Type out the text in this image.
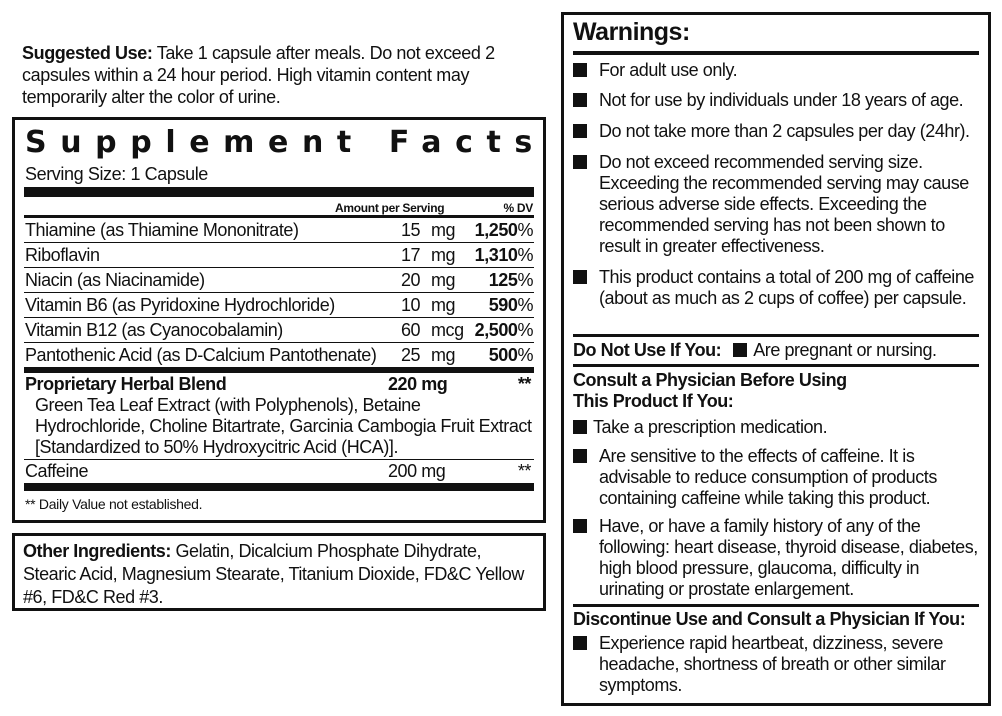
Suggested Use: Take 1 capsule after meals. Do not exceed 2 capsules within a 24 hour period. High vitamin content may temporarily alter the color of urine.
Supplement Facts
Serving Size: 1 Capsule
Amount per Serving	% DV
Thiamine (as Thiamine Mononitrate)	15 mg 1,250%
Riboflavin	17 mg 1,310%
Niacin (as Niacinamide)	20 mg 125%
Vitamin B6 (as Pyridoxine Hydrochloride)	10 mg 590%
Vitamin B12 (as Cyanocobalamin)	60 mcg 2,500%
Pantothenic Acid (as D-Calcium Pantothenate) 25 mg 500%
Proprietary Herbal Blend	220 mg	**
Green Tea Leaf Extract (with Polyphenols), Betaine Hydrochloride, Choline Bitartrate, Garcinia Cambogia Fruit Extract [Standardized to 50% Hydroxycitric Acid (HCA)].
Caffeine	200 mg	**
** Daily Value not established.
Other Ingredients: Gelatin, Dicalcium Phosphate Dihydrate, Stearic Acid, Magnesium Stearate, Titanium Dioxide, FD&C Yellow #6, FD&C Red #3.
Warnings:
For adult use only.
Not for use by individuals under 18 years of age.
Do not take more than 2 capsules per day (24hr).
Do not exceed recommended serving size. Exceeding the recommended serving may cause serious adverse side effects. Exceeding the recommended serving has not been shown to result in greater effectiveness.
This product contains a total of 200 mg of caffeine (about as much as 2 cups of coffee) per capsule.
Do Not Use If You: Are pregnant or nursing.
Consult a Physician Before Using This Product If You:
Take a prescription medication.
Are sensitive to the effects of caffeine. It is advisable to reduce consumption of products containing caffeine while taking this product.
Have, or have a family history of any of the following: heart disease, thyroid disease, diabetes, high blood pressure, glaucoma, difficulty in urinating or prostate enlargement.
Discontinue Use and Consult a Physician If You:
Experience rapid heartbeat, dizziness, severe headache, shortness of breath or other similar symptoms.
